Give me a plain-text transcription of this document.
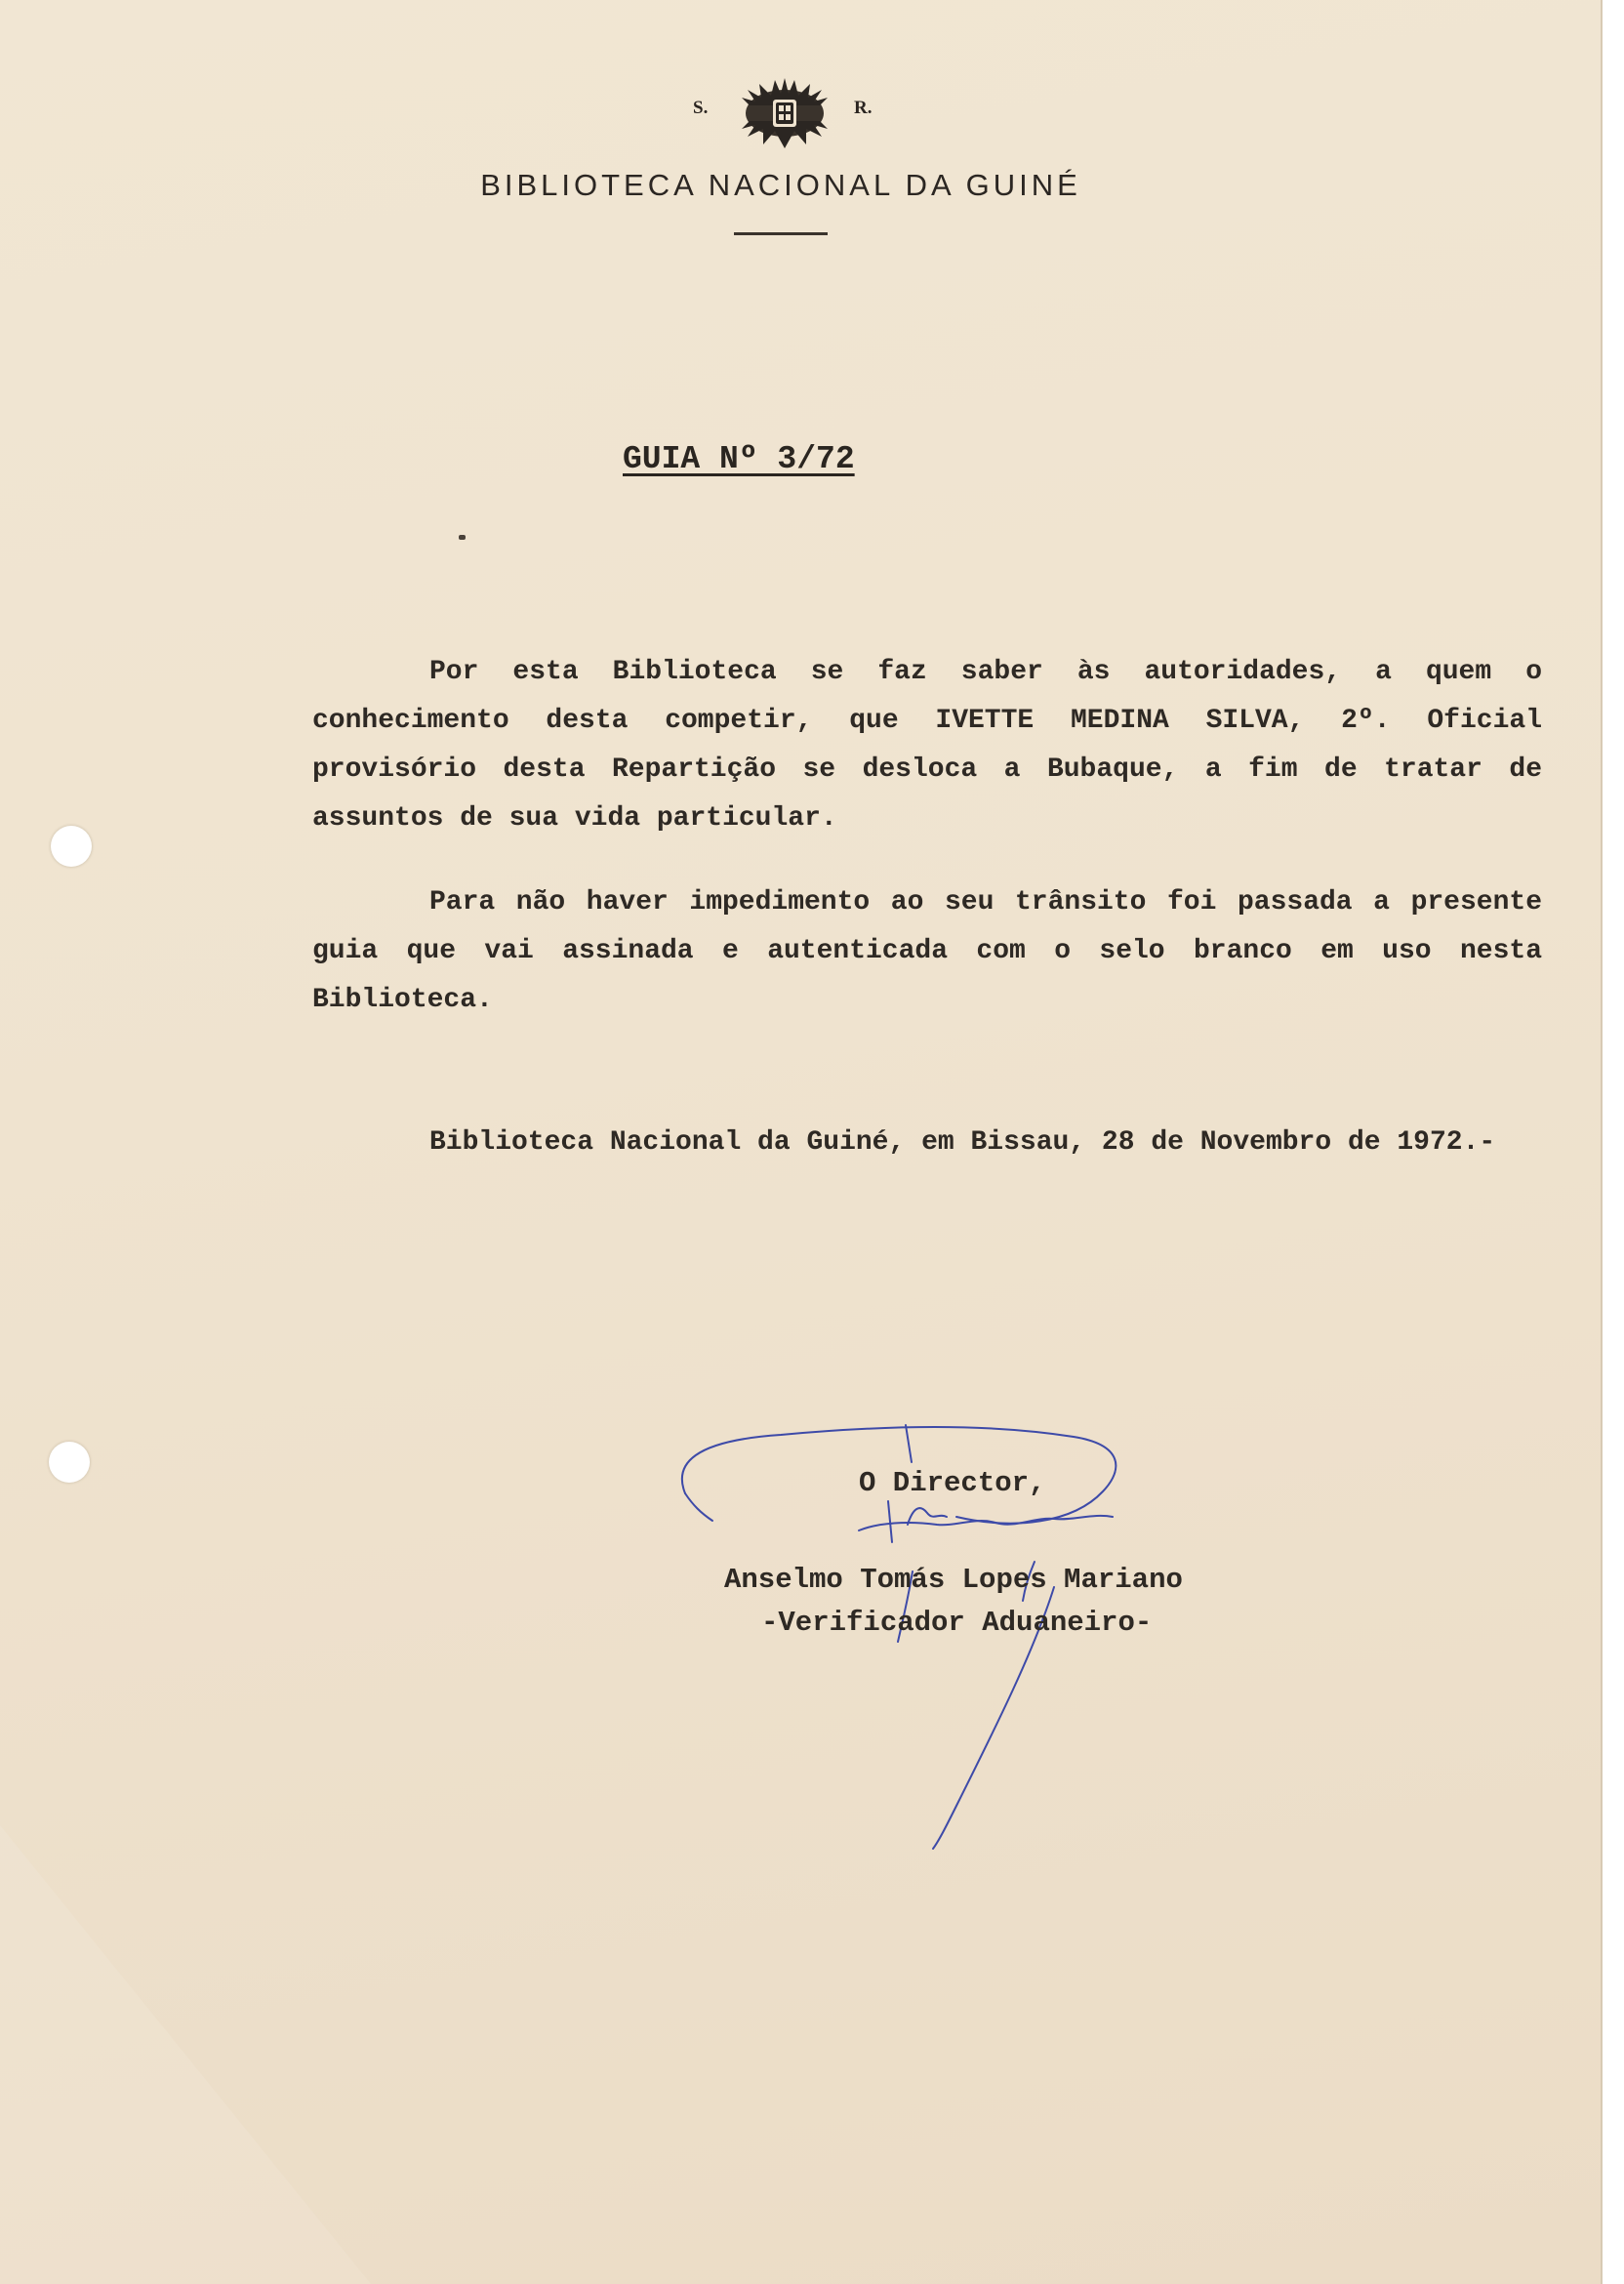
S.	R.
BIBLIOTECA NACIONAL DA GUINÉ
GUIA Nº 3/72

Por esta Biblioteca se faz saber às autoridades, a quem o conhecimento desta competir, que IVETTE MEDINA SILVA, 2º. Oficial provisório desta Repartição se desloca a Bubaque, a fim de tratar de assuntos de sua vida particular.

Para não haver impedimento ao seu trânsito foi passada a presente guia que vai assinada e autenticada com o selo branco em uso nesta Biblioteca.

Biblioteca Nacional da Guiné, em Bissau, 28 de Novembro de 1972.-

O Director,
Anselmo Tomás Lopes Mariano
-Verificador Aduaneiro-
